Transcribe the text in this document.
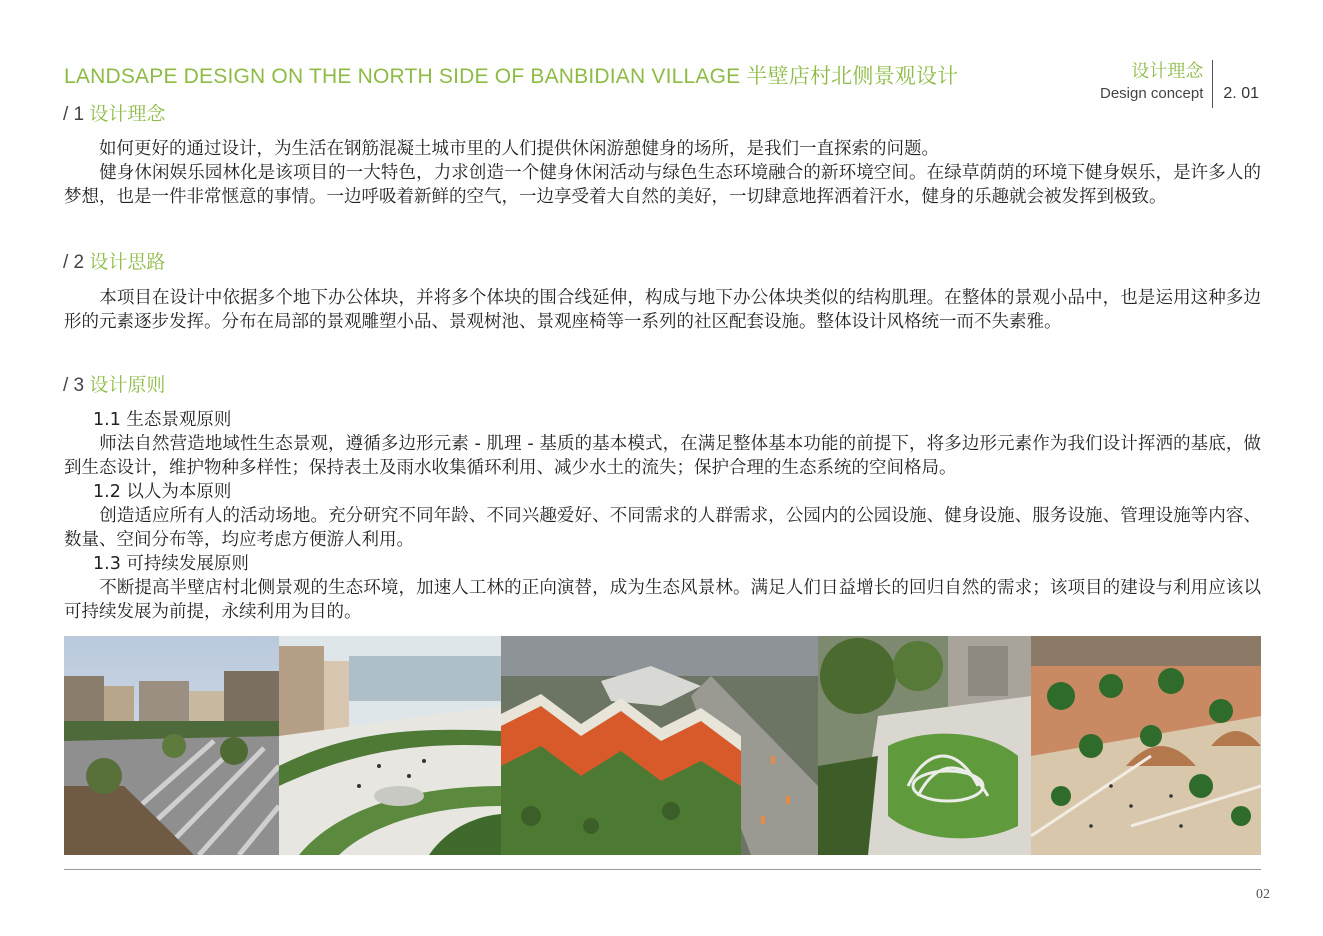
LANDSAPE DESIGN ON THE NORTH SIDE OF BANBIDIAN VILLAGE 半壁店村北侧景观设计	设计理念
Design concept	2. 01
/ 1 设计理念

　　如何更好的通过设计，为生活在钢筋混凝土城市里的人们提供休闲游憩健身的场所，是我们一直探索的问题。

　　健身休闲娱乐园林化是该项目的一大特色，力求创造一个健身休闲活动与绿色生态环境融合的新环境空间。在绿草荫荫的环境下健身娱乐，是许多人的梦想，也是一件非常惬意的事情。一边呼吸着新鲜的空气，一边享受着大自然的美好，一切肆意地挥洒着汗水，健身的乐趣就会被发挥到极致。

/ 2 设计思路

　　本项目在设计中依据多个地下办公体块，并将多个体块的围合线延伸，构成与地下办公体块类似的结构肌理。在整体的景观小品中，也是运用这种多边形的元素逐步发挥。分布在局部的景观雕塑小品、景观树池、景观座椅等一系列的社区配套设施。整体设计风格统一而不失素雅。

/ 3 设计原则
1.1 生态景观原则

　　师法自然营造地域性生态景观，遵循多边形元素 - 肌理 - 基质的基本模式，在满足整体基本功能的前提下，将多边形元素作为我们设计挥洒的基底，做到生态设计，维护物种多样性；保持表土及雨水收集循环利用、减少水土的流失；保护合理的生态系统的空间格局。

1.2 以人为本原则

　　创造适应所有人的活动场地。充分研究不同年龄、不同兴趣爱好、不同需求的人群需求，公园内的公园设施、健身设施、服务设施、管理设施等内容、数量、空间分布等，均应考虑方便游人利用。

1.3 可持续发展原则

　　不断提高半壁店村北侧景观的生态环境，加速人工林的正向演替，成为生态风景林。满足人们日益增长的回归自然的需求；该项目的建设与利用应该以可持续发展为前提，永续利用为目的。

02
